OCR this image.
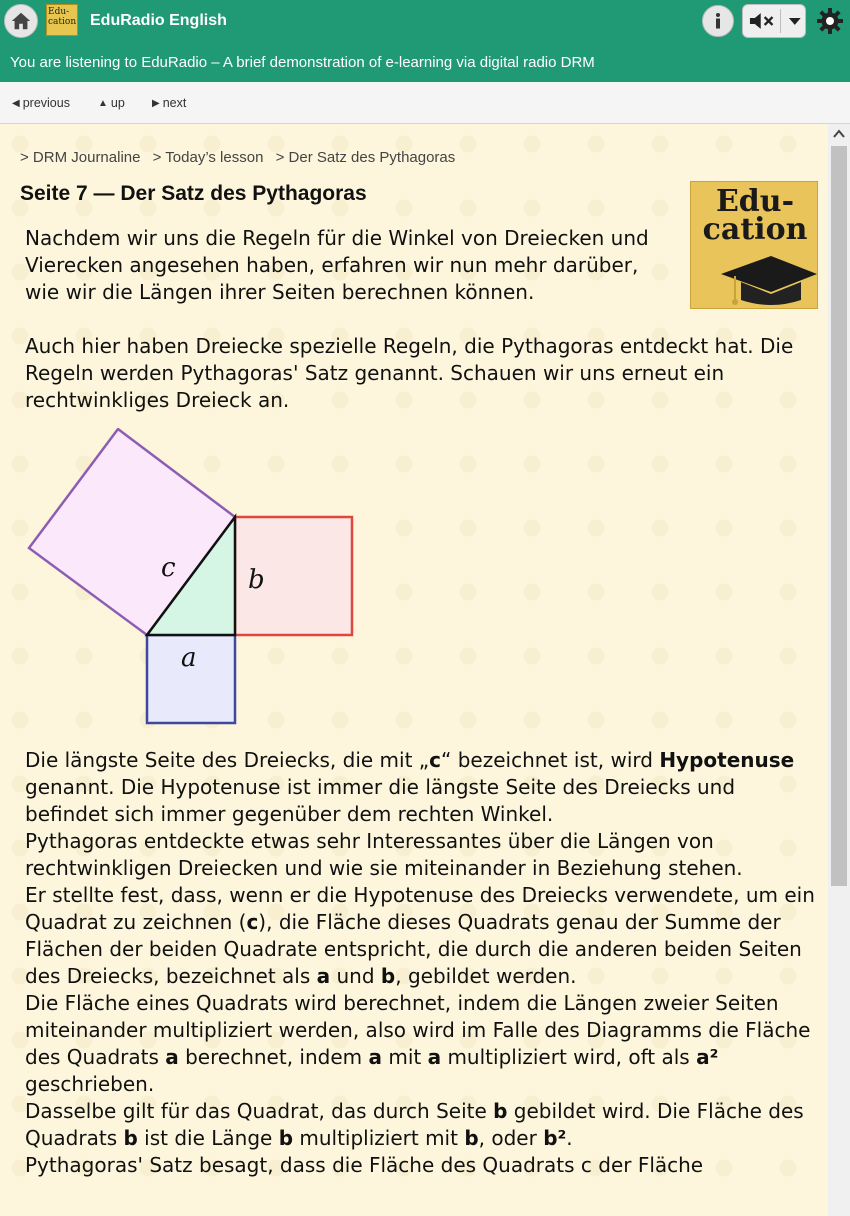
Edu-cation EduRadio English
You are listening to EduRadio – A brief demonstration of e-learning via digital radio DRM
◀ previous	▲ up	▶ next
> DRM Journaline > Today’s lesson > Der Satz des Pythagoras
Seite 7 — Der Satz des Pythagoras	Edu-
cation

Nachdem wir uns die Regeln für die Winkel von Dreiecken und Vierecken angesehen haben, erfahren wir nun mehr darüber, wie wir die Längen ihrer Seiten berechnen können.

Auch hier haben Dreiecke spezielle Regeln, die Pythagoras entdeckt hat. Die Regeln werden Pythagoras' Satz genannt. Schauen wir uns erneut ein rechtwinkliges Dreieck an.

c	b
a

Die längste Seite des Dreiecks, die mit „c“ bezeichnet ist, wird Hypotenuse genannt. Die Hypotenuse ist immer die längste Seite des Dreiecks und befindet sich immer gegenüber dem rechten Winkel.

Pythagoras entdeckte etwas sehr Interessantes über die Längen von rechtwinkligen Dreiecken und wie sie miteinander in Beziehung stehen.

Er stellte fest, dass, wenn er die Hypotenuse des Dreiecks verwendete, um ein Quadrat zu zeichnen (c), die Fläche dieses Quadrats genau der Summe der Flächen der beiden Quadrate entspricht, die durch die anderen beiden Seiten des Dreiecks, bezeichnet als a und b, gebildet werden.

Die Fläche eines Quadrats wird berechnet, indem die Längen zweier Seiten miteinander multipliziert werden, also wird im Falle des Diagramms die Fläche des Quadrats a berechnet, indem a mit a multipliziert wird, oft als a² geschrieben.

Dasselbe gilt für das Quadrat, das durch Seite b gebildet wird. Die Fläche des Quadrats b ist die Länge b multipliziert mit b, oder b².

Pythagoras' Satz besagt, dass die Fläche des Quadrats c der Fläche
